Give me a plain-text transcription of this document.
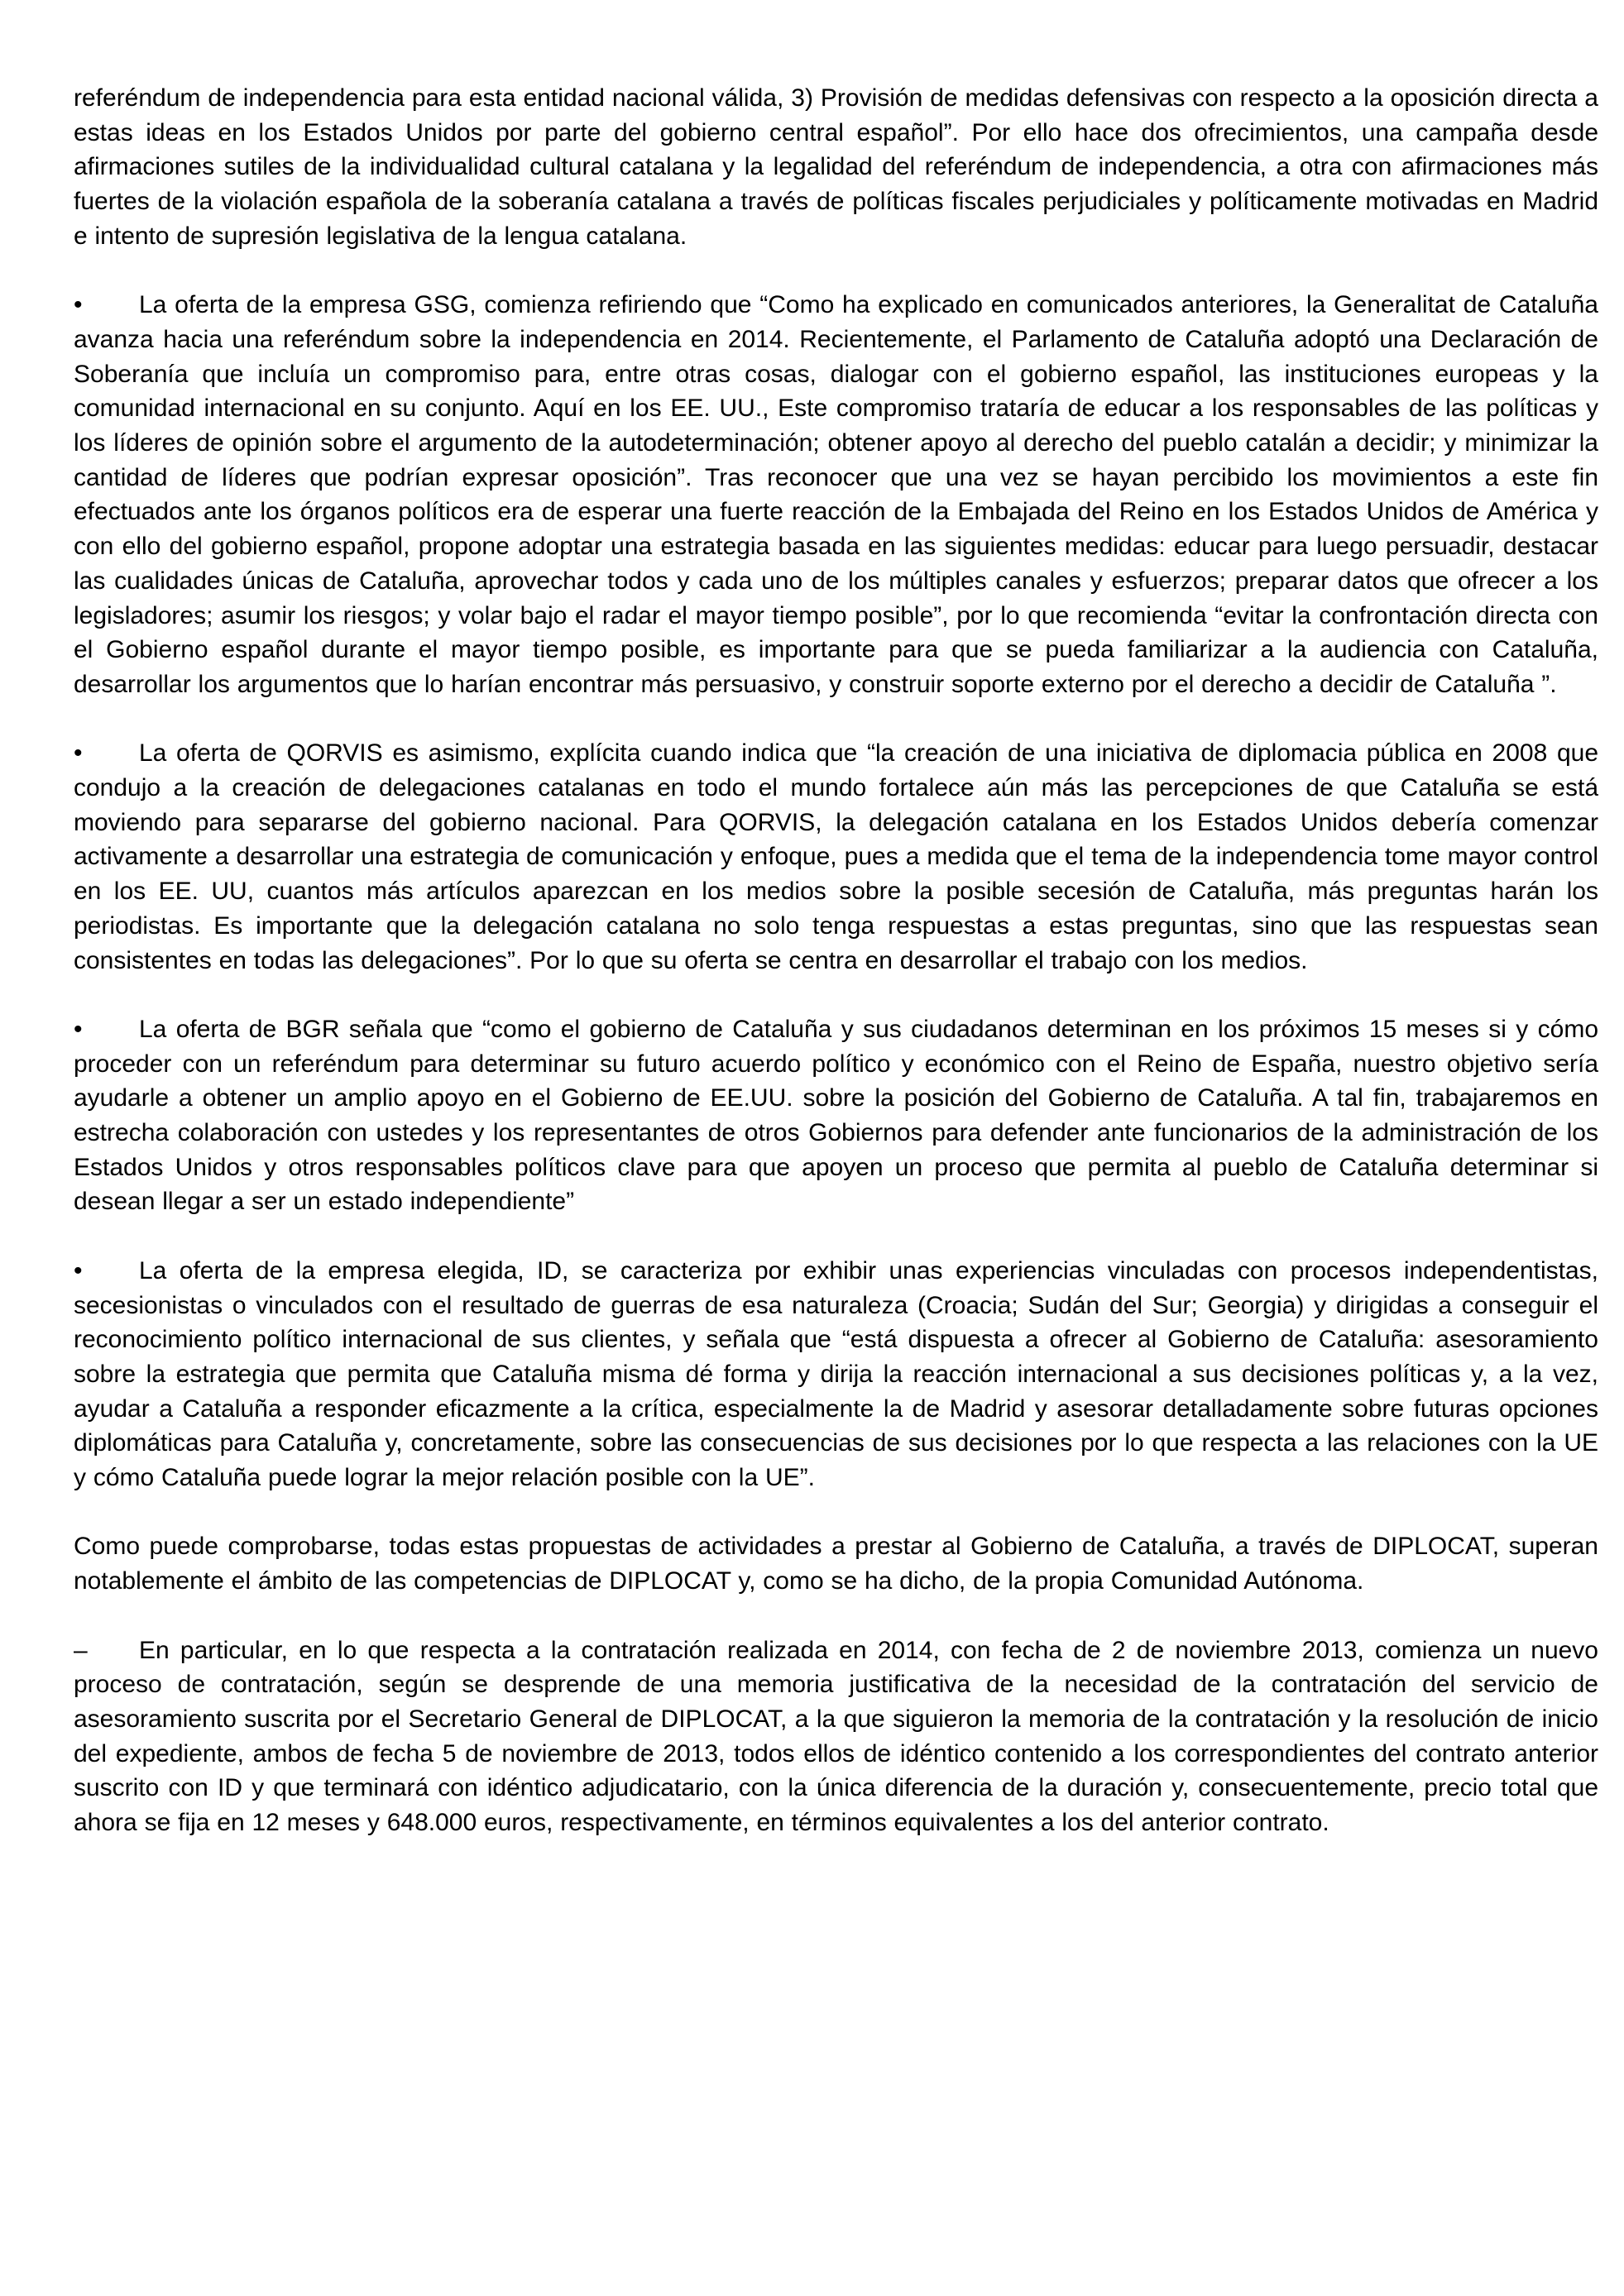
referéndum de independencia para esta entidad nacional válida, 3) Provisión de medidas defensivas con respecto a la oposición directa a estas ideas en los Estados Unidos por parte del gobierno central español”. Por ello hace dos ofrecimientos, una campaña desde afirmaciones sutiles de la individualidad cultural catalana y la legalidad del referéndum de independencia, a otra con afirmaciones más fuertes de la violación española de la soberanía catalana a través de políticas fiscales perjudiciales y políticamente motivadas en Madrid e intento de supresión legislativa de la lengua catalana.

• La oferta de la empresa GSG, comienza refiriendo que “Como ha explicado en comunicados anteriores, la Generalitat de Cataluña avanza hacia una referéndum sobre la independencia en 2014. Recientemente, el Parlamento de Cataluña adoptó una Declaración de Soberanía que incluía un compromiso para, entre otras cosas, dialogar con el gobierno español, las instituciones europeas y la comunidad internacional en su conjunto. Aquí en los EE. UU., Este compromiso trataría de educar a los responsables de las políticas y los líderes de opinión sobre el argumento de la autodeterminación; obtener apoyo al derecho del pueblo catalán a decidir; y minimizar la cantidad de líderes que podrían expresar oposición”. Tras reconocer que una vez se hayan percibido los movimientos a este fin efectuados ante los órganos políticos era de esperar una fuerte reacción de la Embajada del Reino en los Estados Unidos de América y con ello del gobierno español, propone adoptar una estrategia basada en las siguientes medidas: educar para luego persuadir, destacar las cualidades únicas de Cataluña, aprovechar todos y cada uno de los múltiples canales y esfuerzos; preparar datos que ofrecer a los legisladores; asumir los riesgos; y volar bajo el radar el mayor tiempo posible”, por lo que recomienda “evitar la confrontación directa con el Gobierno español durante el mayor tiempo posible, es importante para que se pueda familiarizar a la audiencia con Cataluña, desarrollar los argumentos que lo harían encontrar más persuasivo, y construir soporte externo por el derecho a decidir de Cataluña ”.

• La oferta de QORVIS es asimismo, explícita cuando indica que “la creación de una iniciativa de diplomacia pública en 2008 que condujo a la creación de delegaciones catalanas en todo el mundo fortalece aún más las percepciones de que Cataluña se está moviendo para separarse del gobierno nacional. Para QORVIS, la delegación catalana en los Estados Unidos debería comenzar activamente a desarrollar una estrategia de comunicación y enfoque, pues a medida que el tema de la independencia tome mayor control en los EE. UU, cuantos más artículos aparezcan en los medios sobre la posible secesión de Cataluña, más preguntas harán los periodistas. Es importante que la delegación catalana no solo tenga respuestas a estas preguntas, sino que las respuestas sean consistentes en todas las delegaciones”. Por lo que su oferta se centra en desarrollar el trabajo con los medios.

• La oferta de BGR señala que “como el gobierno de Cataluña y sus ciudadanos determinan en los próximos 15 meses si y cómo proceder con un referéndum para determinar su futuro acuerdo político y económico con el Reino de España, nuestro objetivo sería ayudarle a obtener un amplio apoyo en el Gobierno de EE.UU. sobre la posición del Gobierno de Cataluña. A tal fin, trabajaremos en estrecha colaboración con ustedes y los representantes de otros Gobiernos para defender ante funcionarios de la administración de los Estados Unidos y otros responsables políticos clave para que apoyen un proceso que permita al pueblo de Cataluña determinar si desean llegar a ser un estado independiente”

• La oferta de la empresa elegida, ID, se caracteriza por exhibir unas experiencias vinculadas con procesos independentistas, secesionistas o vinculados con el resultado de guerras de esa naturaleza (Croacia; Sudán del Sur; Georgia) y dirigidas a conseguir el reconocimiento político internacional de sus clientes, y señala que “está dispuesta a ofrecer al Gobierno de Cataluña: asesoramiento sobre la estrategia que permita que Cataluña misma dé forma y dirija la reacción internacional a sus decisiones políticas y, a la vez, ayudar a Cataluña a responder eficazmente a la crítica, especialmente la de Madrid y asesorar detalladamente sobre futuras opciones diplomáticas para Cataluña y, concretamente, sobre las consecuencias de sus decisiones por lo que respecta a las relaciones con la UE y cómo Cataluña puede lograr la mejor relación posible con la UE”.

Como puede comprobarse, todas estas propuestas de actividades a prestar al Gobierno de Cataluña, a través de DIPLOCAT, superan notablemente el ámbito de las competencias de DIPLOCAT y, como se ha dicho, de la propia Comunidad Autónoma.

– En particular, en lo que respecta a la contratación realizada en 2014, con fecha de 2 de noviembre 2013, comienza un nuevo proceso de contratación, según se desprende de una memoria justificativa de la necesidad de la contratación del servicio de asesoramiento suscrita por el Secretario General de DIPLOCAT, a la que siguieron la memoria de la contratación y la resolución de inicio del expediente, ambos de fecha 5 de noviembre de 2013, todos ellos de idéntico contenido a los correspondientes del contrato anterior suscrito con ID y que terminará con idéntico adjudicatario, con la única diferencia de la duración y, consecuentemente, precio total que ahora se fija en 12 meses y 648.000 euros, respectivamente, en términos equivalentes a los del anterior contrato.
